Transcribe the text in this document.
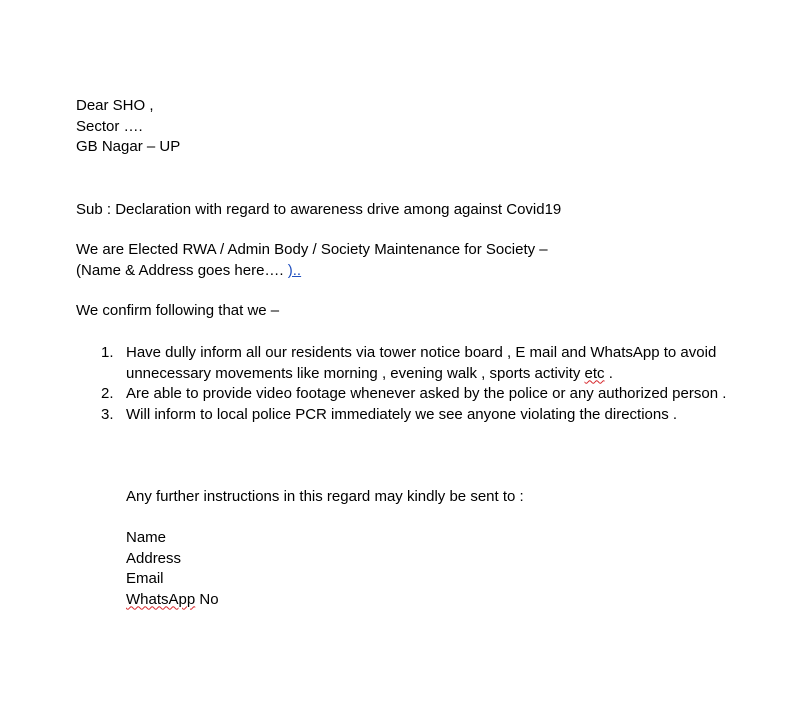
Dear SHO ,
Sector ….
GB Nagar – UP
Sub : Declaration with regard to awareness drive among against Covid19
We are Elected RWA / Admin Body / Society Maintenance for Society –
(Name & Address goes here…. )..
We confirm following that we –
1. Have dully inform all our residents via tower notice board , E mail and WhatsApp to avoid unnecessary movements like morning , evening walk , sports activity etc .
2. Are able to provide video footage whenever asked by the police or any authorized person .
3. Will inform to local police PCR immediately we see anyone violating the directions .
Any further instructions in this regard may kindly be sent to :
Name
Address
Email
WhatsApp No
